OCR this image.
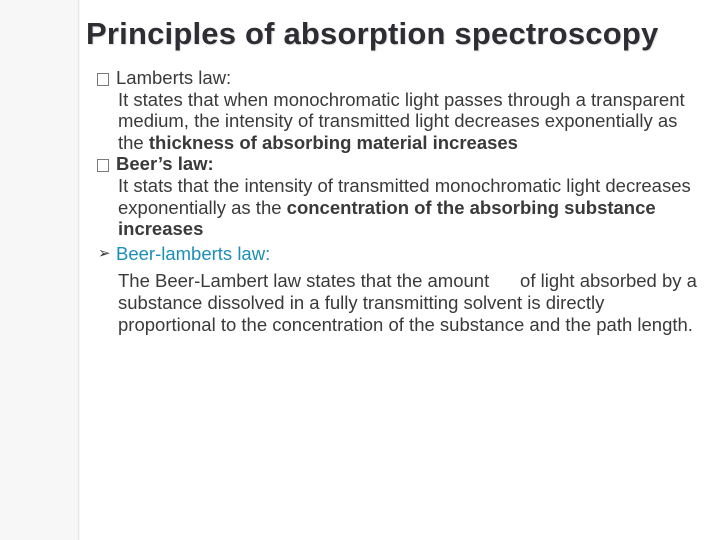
Principles of absorption spectroscopy
Lamberts law:
It states that when monochromatic light passes through a transparent medium, the intensity of transmitted light decreases exponentially as the thickness of absorbing material increases
Beer’s law:
It stats that the intensity of transmitted monochromatic light decreases exponentially as the concentration of the absorbing substance increases
➢ Beer-lamberts law:
The Beer-Lambert law states that the amount      of light absorbed by a substance dissolved in a fully transmitting solvent is directly proportional to the concentration of the substance and the path length.
